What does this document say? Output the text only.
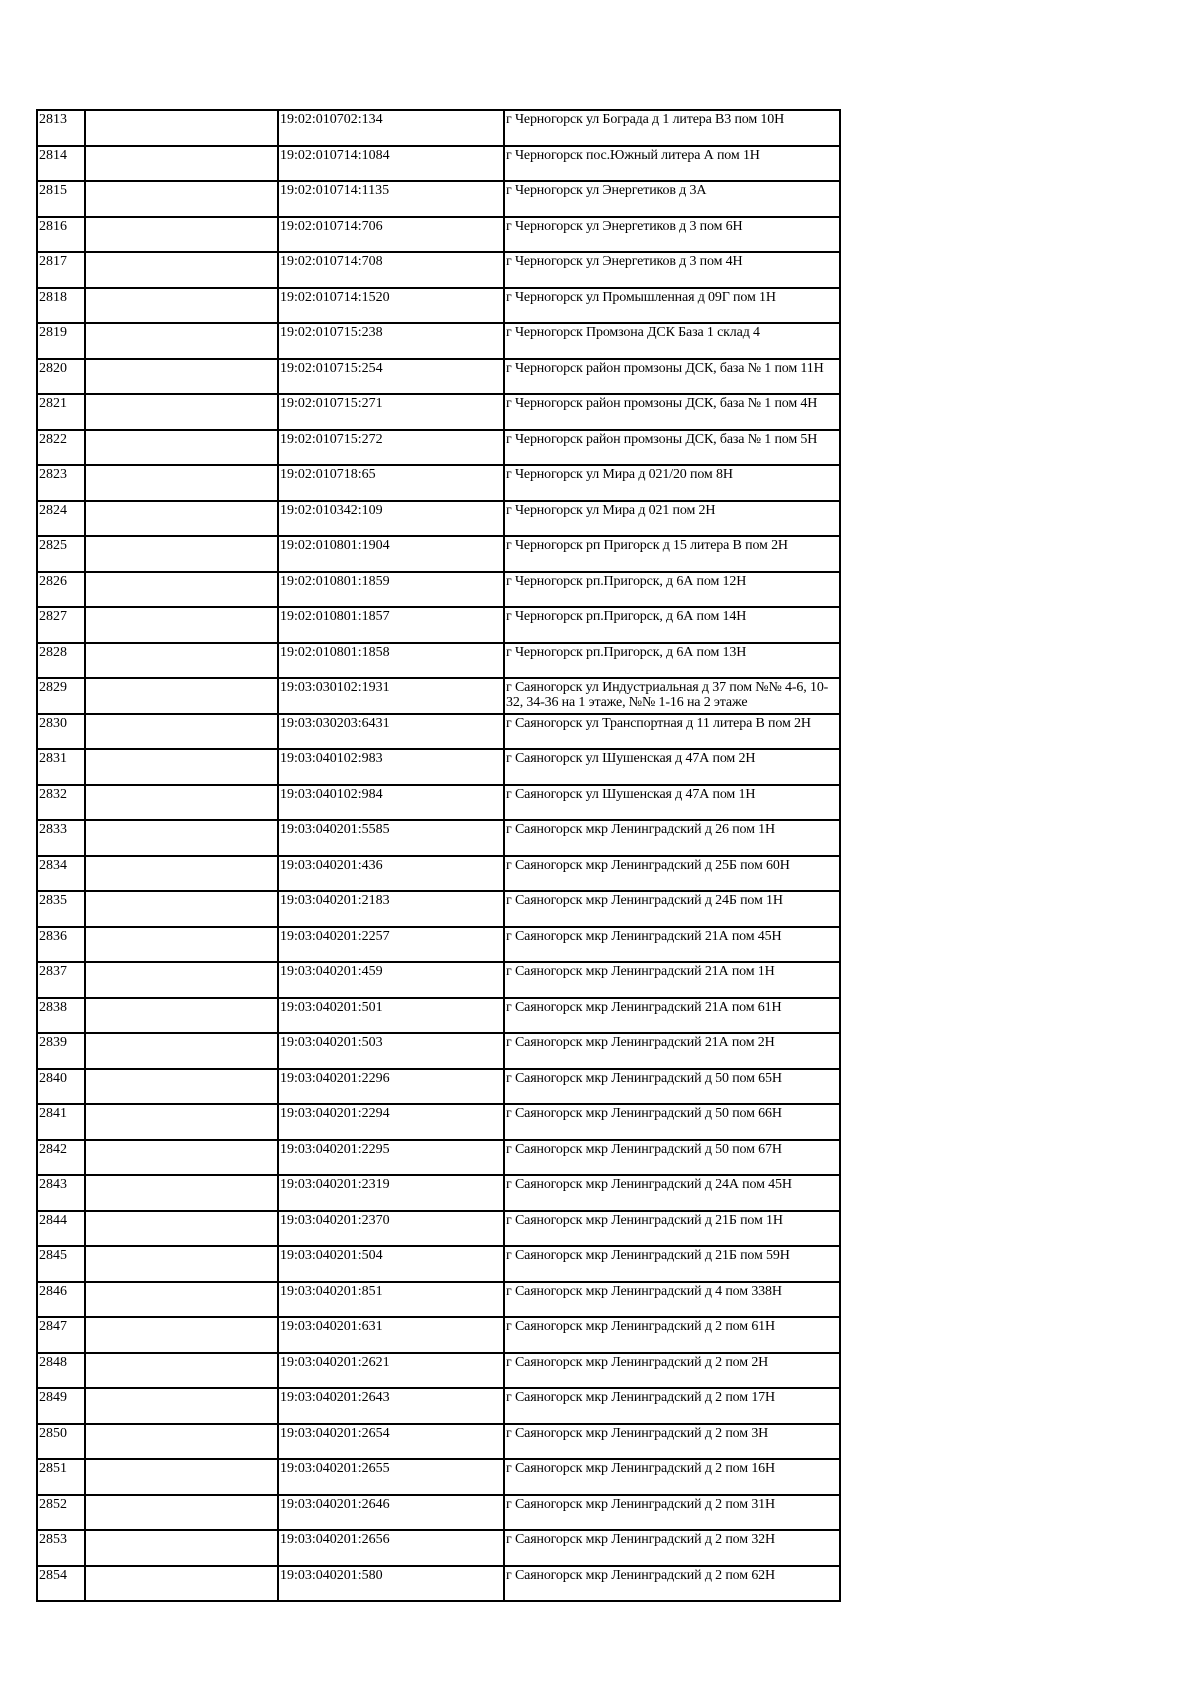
2813		19:02:010702:134	г Черногорск ул Бограда д 1 литера В3 пом 10Н

2814		19:02:010714:1084	г Черногорск пос.Южный литера А пом 1Н

2815		19:02:010714:1135	г Черногорск ул Энергетиков д 3А

2816		19:02:010714:706	г Черногорск ул Энергетиков д 3 пом 6Н

2817		19:02:010714:708	г Черногорск ул Энергетиков д 3 пом 4Н

2818		19:02:010714:1520	г Черногорск ул Промышленная д 09Г пом 1Н

2819		19:02:010715:238	г Черногорск Промзона ДСК База 1 склад 4

2820		19:02:010715:254	г Черногорск район промзоны ДСК, база № 1 пом 11Н

2821		19:02:010715:271	г Черногорск район промзоны ДСК, база № 1 пом 4Н

2822		19:02:010715:272	г Черногорск район промзоны ДСК, база № 1 пом 5Н

2823		19:02:010718:65	г Черногорск ул Мира д 021/20 пом 8Н

2824		19:02:010342:109	г Черногорск ул Мира д 021 пом 2Н

2825		19:02:010801:1904	г Черногорск рп Пригорск д 15 литера В пом 2Н

2826		19:02:010801:1859	г Черногорск рп.Пригорск, д 6А пом 12Н

2827		19:02:010801:1857	г Черногорск рп.Пригорск, д 6А пом 14Н

2828		19:02:010801:1858	г Черногорск рп.Пригорск, д 6А пом 13Н

2829		19:03:030102:1931	г Саяногорск ул Индустриальная д 37 пом №№ 4-6, 10-32, 34-36 на 1 этаже, №№ 1-16 на 2 этаже

2830		19:03:030203:6431	г Саяногорск ул Транспортная д 11 литера В пом 2Н

2831		19:03:040102:983	г Саяногорск ул Шушенская д 47А пом 2Н

2832		19:03:040102:984	г Саяногорск ул Шушенская д 47А пом 1Н

2833		19:03:040201:5585	г Саяногорск мкр Ленинградский д 26 пом 1Н

2834		19:03:040201:436	г Саяногорск мкр Ленинградский д 25Б пом 60Н

2835		19:03:040201:2183	г Саяногорск мкр Ленинградский д 24Б пом 1Н

2836		19:03:040201:2257	г Саяногорск мкр Ленинградский 21А пом 45Н

2837		19:03:040201:459	г Саяногорск мкр Ленинградский 21А пом 1Н

2838		19:03:040201:501	г Саяногорск мкр Ленинградский 21А пом 61Н

2839		19:03:040201:503	г Саяногорск мкр Ленинградский 21А пом 2Н

2840		19:03:040201:2296	г Саяногорск мкр Ленинградский д 50 пом 65Н

2841		19:03:040201:2294	г Саяногорск мкр Ленинградский д 50 пом 66Н

2842		19:03:040201:2295	г Саяногорск мкр Ленинградский д 50 пом 67Н

2843		19:03:040201:2319	г Саяногорск мкр Ленинградский д 24А пом 45Н

2844		19:03:040201:2370	г Саяногорск мкр Ленинградский д 21Б пом 1Н

2845		19:03:040201:504	г Саяногорск мкр Ленинградский д 21Б пом 59Н

2846		19:03:040201:851	г Саяногорск мкр Ленинградский д 4 пом 338Н

2847		19:03:040201:631	г Саяногорск мкр Ленинградский д 2 пом 61Н

2848		19:03:040201:2621	г Саяногорск мкр Ленинградский д 2 пом 2Н

2849		19:03:040201:2643	г Саяногорск мкр Ленинградский д 2 пом 17Н

2850		19:03:040201:2654	г Саяногорск мкр Ленинградский д 2 пом 3Н

2851		19:03:040201:2655	г Саяногорск мкр Ленинградский д 2 пом 16Н

2852		19:03:040201:2646	г Саяногорск мкр Ленинградский д 2 пом 31Н

2853		19:03:040201:2656	г Саяногорск мкр Ленинградский д 2 пом 32Н

2854		19:03:040201:580	г Саяногорск мкр Ленинградский д 2 пом 62Н
